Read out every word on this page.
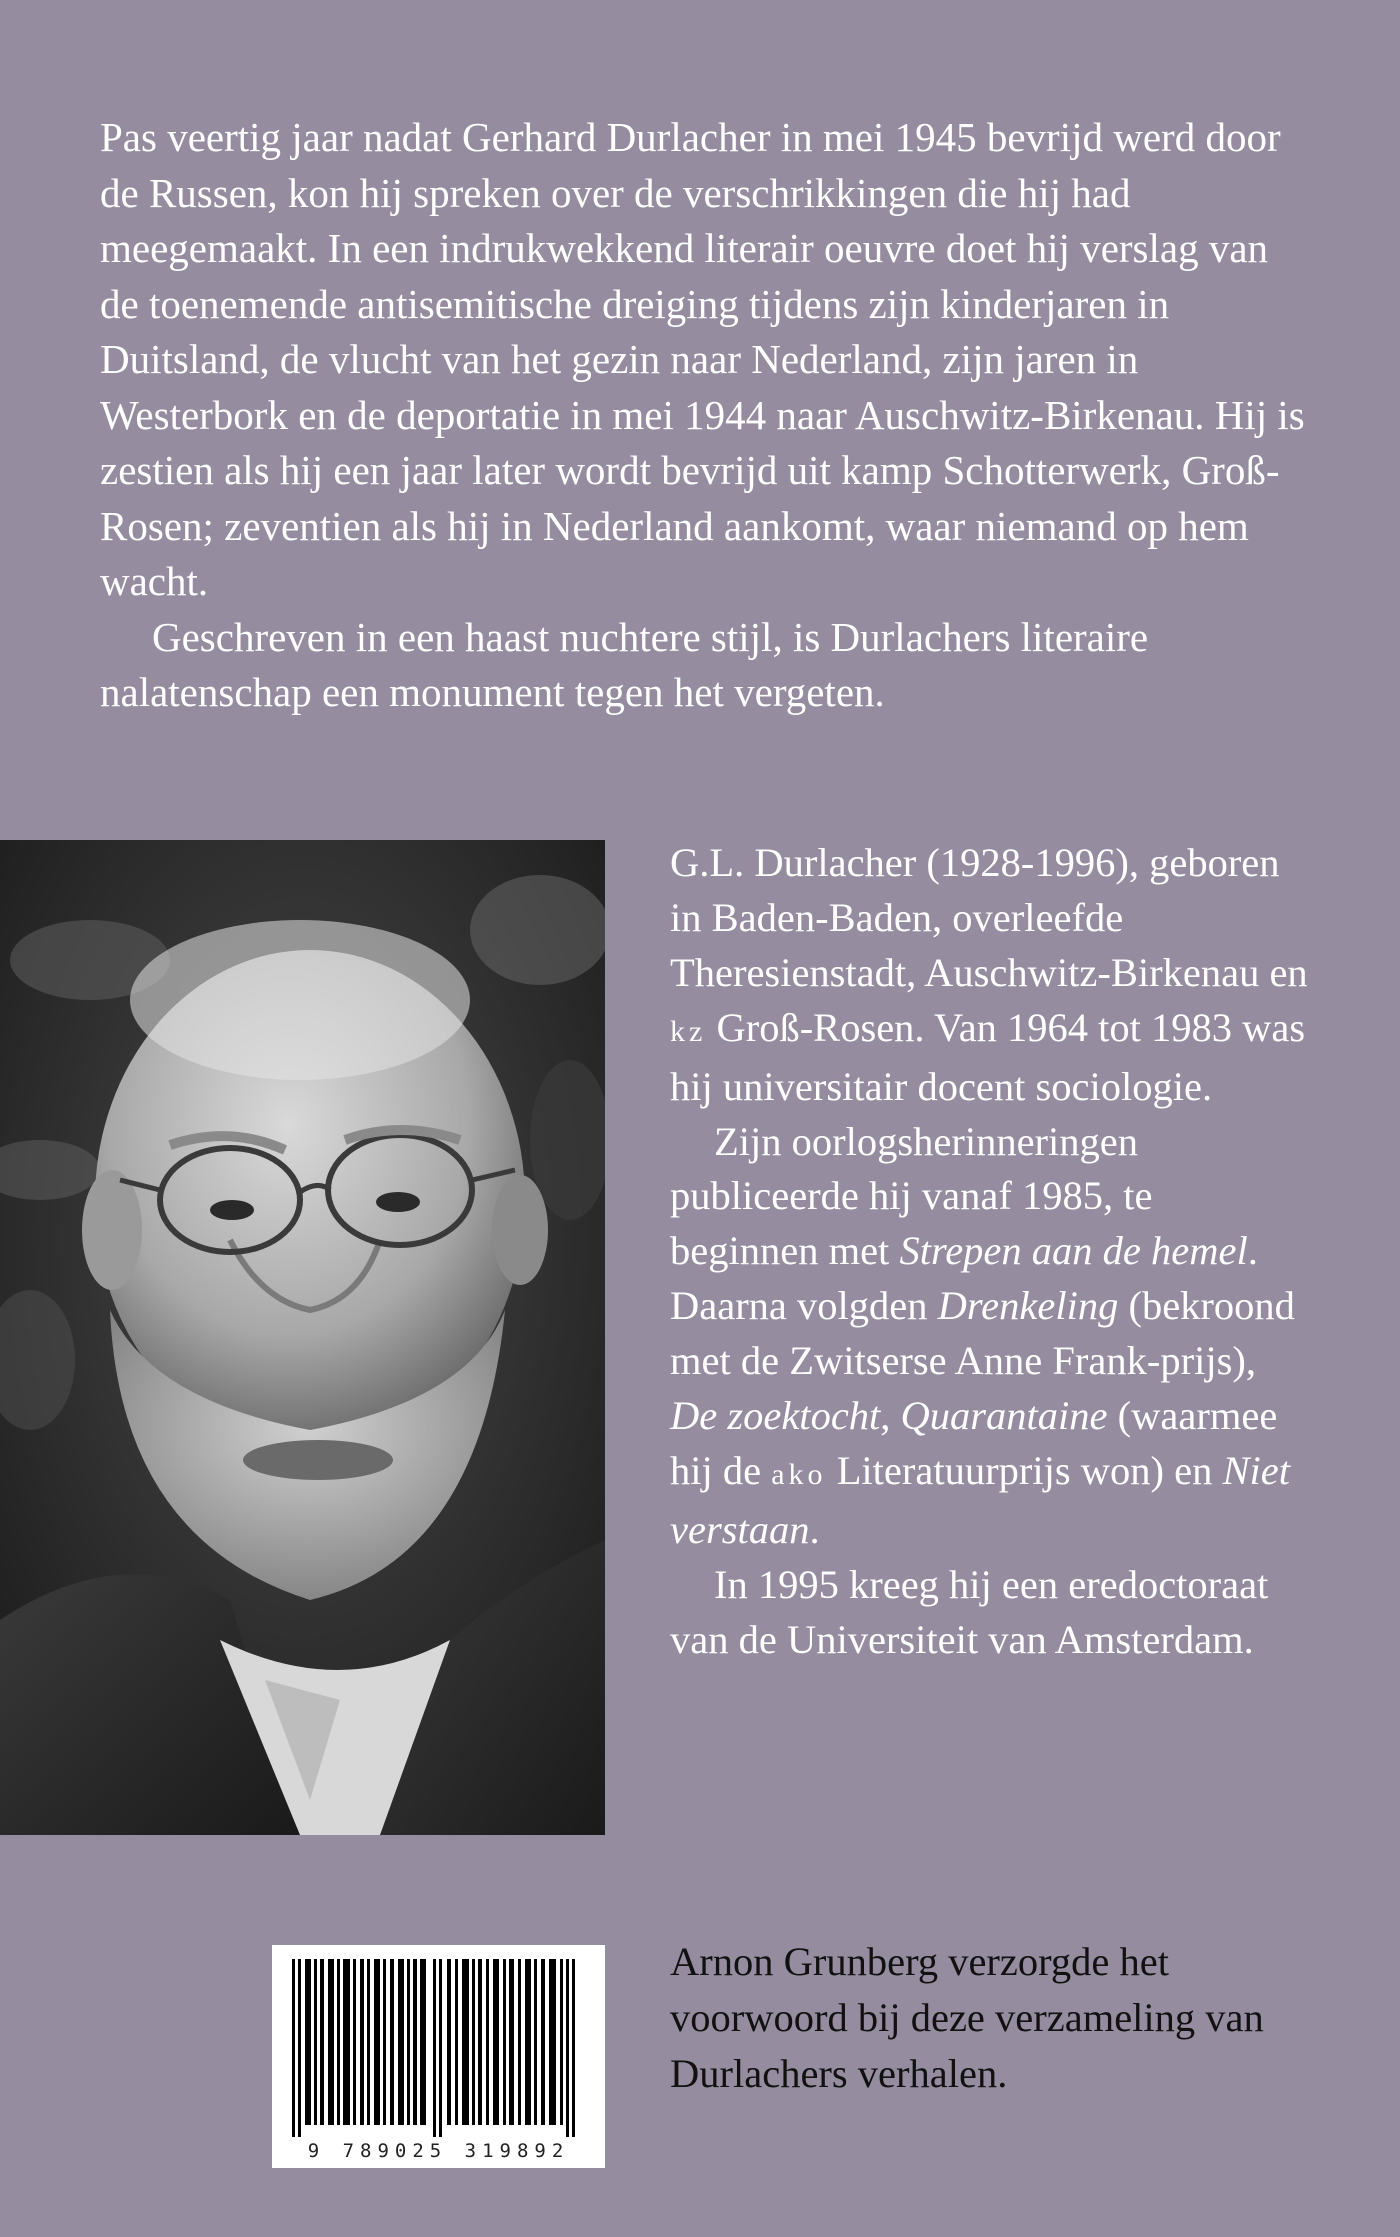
Pas veertig jaar nadat Gerhard Durlacher in mei 1945 bevrijd werd door de Russen, kon hij spreken over de verschrikkingen die hij had meegemaakt. In een indrukwekkend literair oeuvre doet hij verslag van de toenemende antisemitische dreiging tijdens zijn kinderjaren in Duitsland, de vlucht van het gezin naar Nederland, zijn jaren in Westerbork en de deportatie in mei 1944 naar Auschwitz-Birkenau. Hij is zestien als hij een jaar later wordt bevrijd uit kamp Schotterwerk, Groß-Rosen; zeventien als hij in Nederland aankomt, waar niemand op hem wacht.

Geschreven in een haast nuchtere stijl, is Durlachers literaire nalatenschap een monument tegen het vergeten.

G.L. Durlacher (1928-1996), geboren in Baden-Baden, overleefde Theresienstadt, Auschwitz-Birkenau en kz Groß-Rosen. Van 1964 tot 1983 was hij universitair docent sociologie.

Zijn oorlogsherinneringen publiceerde hij vanaf 1985, te beginnen met Strepen aan de hemel. Daarna volgden Drenkeling (bekroond met de Zwitserse Anne Frank-prijs), De zoektocht, Quarantaine (waarmee hij de ako Literatuurprijs won) en Niet verstaan.

In 1995 kreeg hij een eredoctoraat van de Universiteit van Amsterdam.

9 789025 319892

Arnon Grunberg verzorgde het voorwoord bij deze verzameling van Durlachers verhalen.
